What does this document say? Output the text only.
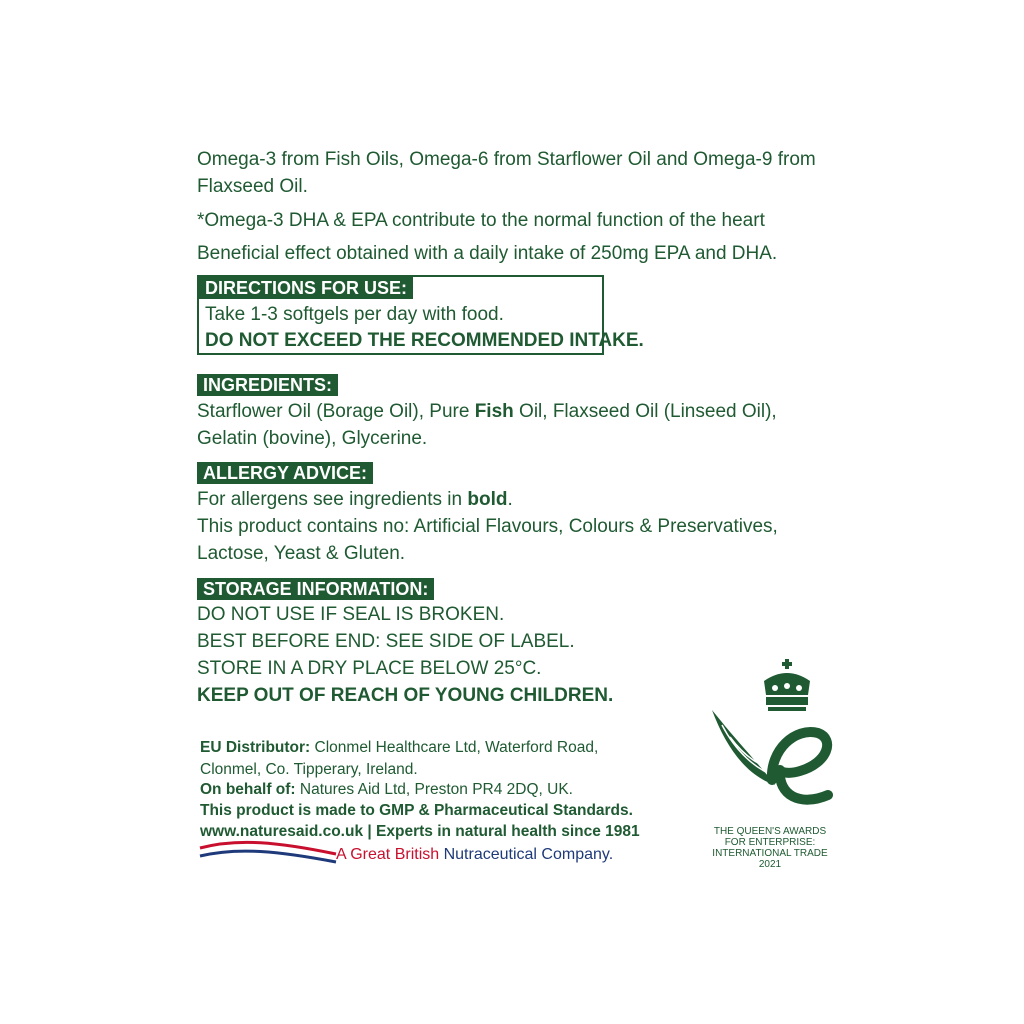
Omega-3 from Fish Oils, Omega-6 from Starflower Oil and Omega-9 from
Flaxseed Oil.
*Omega-3 DHA & EPA contribute to the normal function of the heart
Beneficial effect obtained with a daily intake of 250mg EPA and DHA.
DIRECTIONS FOR USE:
Take 1-3 softgels per day with food.
DO NOT EXCEED THE RECOMMENDED INTAKE.
INGREDIENTS:
Starflower Oil (Borage Oil), Pure Fish Oil, Flaxseed Oil (Linseed Oil),
Gelatin (bovine), Glycerine.
ALLERGY ADVICE:
For allergens see ingredients in bold.
This product contains no: Artificial Flavours, Colours & Preservatives,
Lactose, Yeast & Gluten.
STORAGE INFORMATION:
DO NOT USE IF SEAL IS BROKEN.
BEST BEFORE END: SEE SIDE OF LABEL.
STORE IN A DRY PLACE BELOW 25°C.
KEEP OUT OF REACH OF YOUNG CHILDREN.
EU Distributor: Clonmel Healthcare Ltd, Waterford Road,
Clonmel, Co. Tipperary, Ireland.
On behalf of: Natures Aid Ltd, Preston PR4 2DQ, UK.
This product is made to GMP & Pharmaceutical Standards.
www.naturesaid.co.uk | Experts in natural health since 1981
A Great British Nutraceutical Company.
THE QUEEN'S AWARDS
FOR ENTERPRISE:
INTERNATIONAL TRADE
2021
